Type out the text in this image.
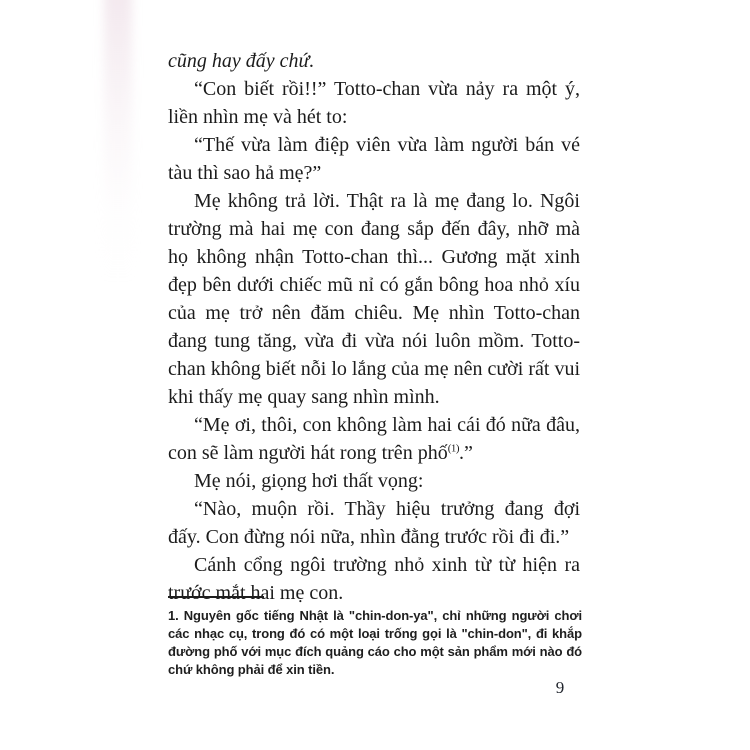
cũng hay đấy chứ.

“Con biết rồi!!” Totto-chan vừa nảy ra một ý, liền nhìn mẹ và hét to:

“Thế vừa làm điệp viên vừa làm người bán vé tàu thì sao hả mẹ?”

Mẹ không trả lời. Thật ra là mẹ đang lo. Ngôi trường mà hai mẹ con đang sắp đến đây, nhỡ mà họ không nhận Totto-chan thì... Gương mặt xinh đẹp bên dưới chiếc mũ nỉ có gắn bông hoa nhỏ xíu của mẹ trở nên đăm chiêu. Mẹ nhìn Totto-chan đang tung tăng, vừa đi vừa nói luôn mồm. Totto-chan không biết nỗi lo lắng của mẹ nên cười rất vui khi thấy mẹ quay sang nhìn mình.

“Mẹ ơi, thôi, con không làm hai cái đó nữa đâu, con sẽ làm người hát rong trên phố$^{(1)}$.”

Mẹ nói, giọng hơi thất vọng:

“Nào, muộn rồi. Thầy hiệu trưởng đang đợi đấy. Con đừng nói nữa, nhìn đằng trước rồi đi đi.”

Cánh cổng ngôi trường nhỏ xinh từ từ hiện ra trước mắt hai mẹ con.

1. Nguyên gốc tiếng Nhật là "chin-don-ya", chỉ những người chơi các nhạc cụ, trong đó có một loại trống gọi là "chin-don", đi khắp đường phố với mục đích quảng cáo cho một sản phẩm mới nào đó chứ không phải để xin tiền.
9
